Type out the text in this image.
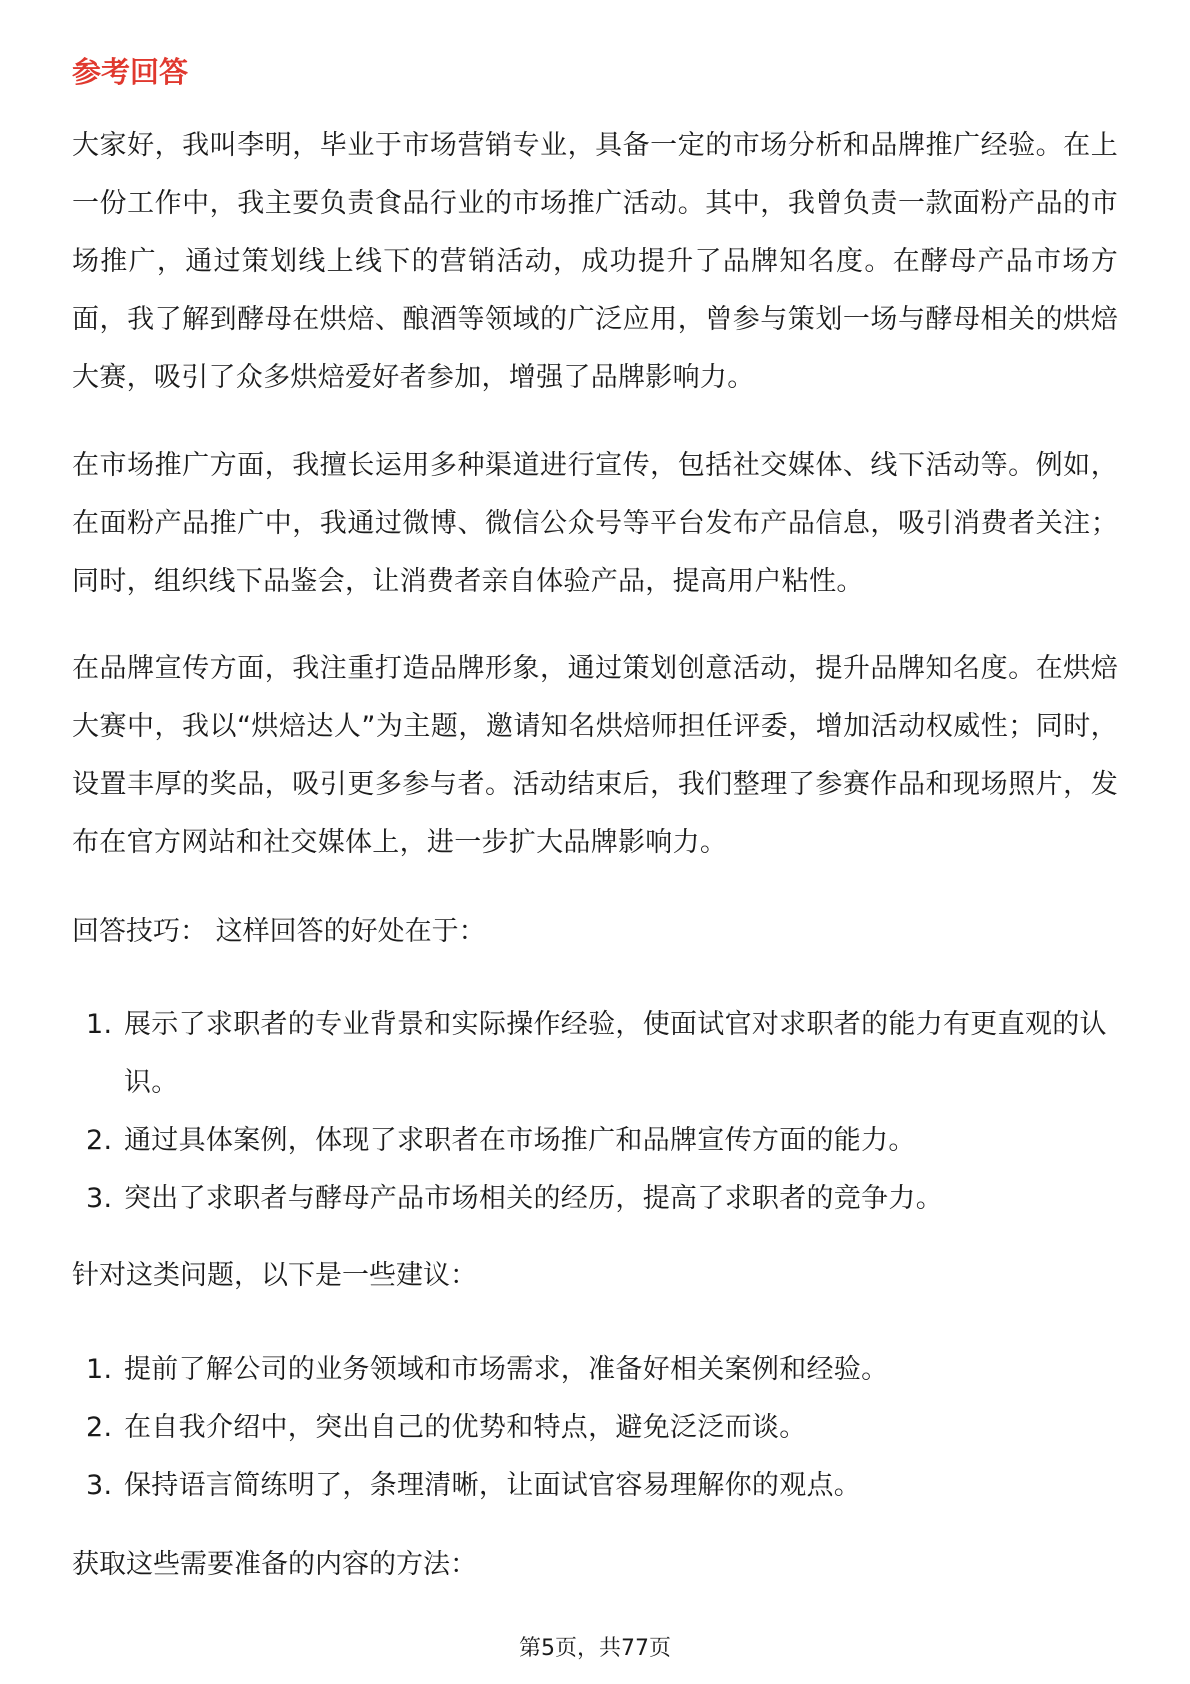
参考回答

大家好，我叫李明，毕业于市场营销专业，具备一定的市场分析和品牌推广经验。在上一份工作中，我主要负责食品行业的市场推广活动。其中，我曾负责一款面粉产品的市场推广，通过策划线上线下的营销活动，成功提升了品牌知名度。在酵母产品市场方面，我了解到酵母在烘焙、酿酒等领域的广泛应用，曾参与策划一场与酵母相关的烘焙大赛，吸引了众多烘焙爱好者参加，增强了品牌影响力。

在市场推广方面，我擅长运用多种渠道进行宣传，包括社交媒体、线下活动等。例如，在面粉产品推广中，我通过微博、微信公众号等平台发布产品信息，吸引消费者关注；同时，组织线下品鉴会，让消费者亲自体验产品，提高用户粘性。

在品牌宣传方面，我注重打造品牌形象，通过策划创意活动，提升品牌知名度。在烘焙大赛中，我以“烘焙达人”为主题，邀请知名烘焙师担任评委，增加活动权威性；同时，设置丰厚的奖品，吸引更多参与者。活动结束后，我们整理了参赛作品和现场照片，发布在官方网站和社交媒体上，进一步扩大品牌影响力。

回答技巧： 这样回答的好处在于：

1. 展示了求职者的专业背景和实际操作经验，使面试官对求职者的能力有更直观的认识。
2. 通过具体案例，体现了求职者在市场推广和品牌宣传方面的能力。
3. 突出了求职者与酵母产品市场相关的经历，提高了求职者的竞争力。

针对这类问题，以下是一些建议：

1. 提前了解公司的业务领域和市场需求，准备好相关案例和经验。
2. 在自我介绍中，突出自己的优势和特点，避免泛泛而谈。
3. 保持语言简练明了，条理清晰，让面试官容易理解你的观点。

获取这些需要准备的内容的方法：

第5页，共77页
